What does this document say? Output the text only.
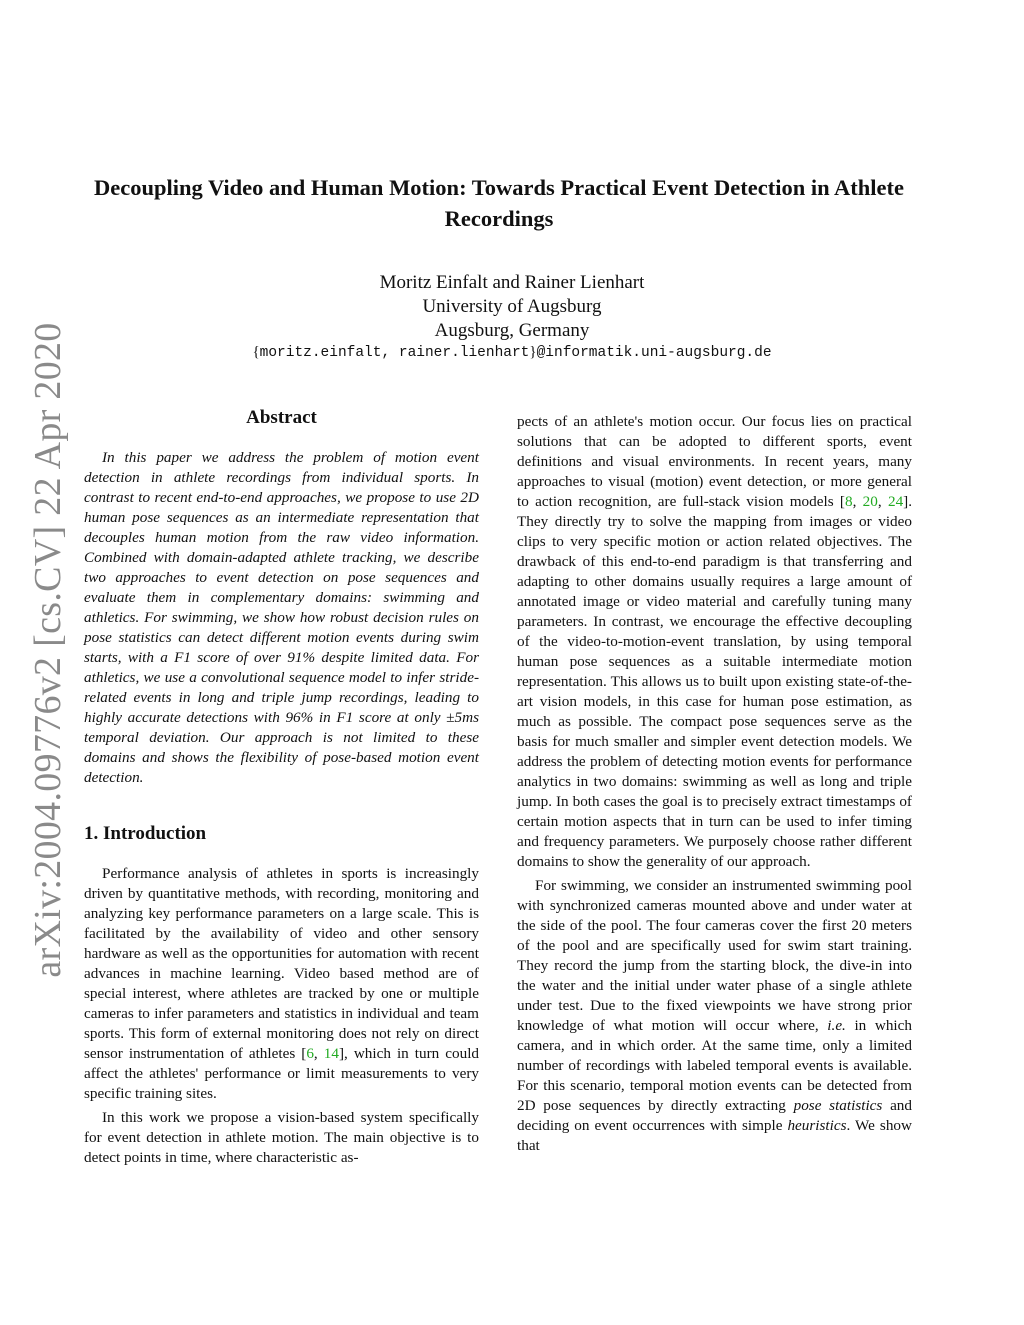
arXiv:2004.09776v2 [cs.CV] 22 Apr 2020
Decoupling Video and Human Motion: Towards Practical Event Detection in Athlete Recordings
Moritz Einfalt and Rainer Lienhart
University of Augsburg
Augsburg, Germany
{moritz.einfalt, rainer.lienhart}@informatik.uni-augsburg.de
Abstract

In this paper we address the problem of motion event detection in athlete recordings from individual sports. In contrast to recent end-to-end approaches, we propose to use 2D human pose sequences as an intermediate representation that decouples human motion from the raw video information. Combined with domain-adapted athlete tracking, we describe two approaches to event detection on pose sequences and evaluate them in complementary domains: swimming and athletics. For swimming, we show how robust decision rules on pose statistics can detect different motion events during swim starts, with a F1 score of over 91% despite limited data. For athletics, we use a convolutional sequence model to infer stride-related events in long and triple jump recordings, leading to highly accurate detections with 96% in F1 score at only ±5ms temporal deviation. Our approach is not limited to these domains and shows the flexibility of pose-based motion event detection.

1. Introduction

Performance analysis of athletes in sports is increasingly driven by quantitative methods, with recording, monitoring and analyzing key performance parameters on a large scale. This is facilitated by the availability of video and other sensory hardware as well as the opportunities for automation with recent advances in machine learning. Video based method are of special interest, where athletes are tracked by one or multiple cameras to infer parameters and statistics in individual and team sports. This form of external monitoring does not rely on direct sensor instrumentation of athletes [6, 14], which in turn could affect the athletes' performance or limit measurements to very specific training sites.

In this work we propose a vision-based system specifically for event detection in athlete motion. The main objective is to detect points in time, where characteristic as-

pects of an athlete's motion occur. Our focus lies on practical solutions that can be adopted to different sports, event definitions and visual environments. In recent years, many approaches to visual (motion) event detection, or more general to action recognition, are full-stack vision models [8, 20, 24]. They directly try to solve the mapping from images or video clips to very specific motion or action related objectives. The drawback of this end-to-end paradigm is that transferring and adapting to other domains usually requires a large amount of annotated image or video material and carefully tuning many parameters. In contrast, we encourage the effective decoupling of the video-to-motion-event translation, by using temporal human pose sequences as a suitable intermediate motion representation. This allows us to built upon existing state-of-the-art vision models, in this case for human pose estimation, as much as possible. The compact pose sequences serve as the basis for much smaller and simpler event detection models. We address the problem of detecting motion events for performance analytics in two domains: swimming as well as long and triple jump. In both cases the goal is to precisely extract timestamps of certain motion aspects that in turn can be used to infer timing and frequency parameters. We purposely choose rather different domains to show the generality of our approach.

For swimming, we consider an instrumented swimming pool with synchronized cameras mounted above and under water at the side of the pool. The four cameras cover the first 20 meters of the pool and are specifically used for swim start training. They record the jump from the starting block, the dive-in into the water and the initial under water phase of a single athlete under test. Due to the fixed viewpoints we have strong prior knowledge of what motion will occur where, i.e. in which camera, and in which order. At the same time, only a limited number of recordings with labeled temporal events is available. For this scenario, temporal motion events can be detected from 2D pose sequences by directly extracting pose statistics and deciding on event occurrences with simple heuristics. We show that
